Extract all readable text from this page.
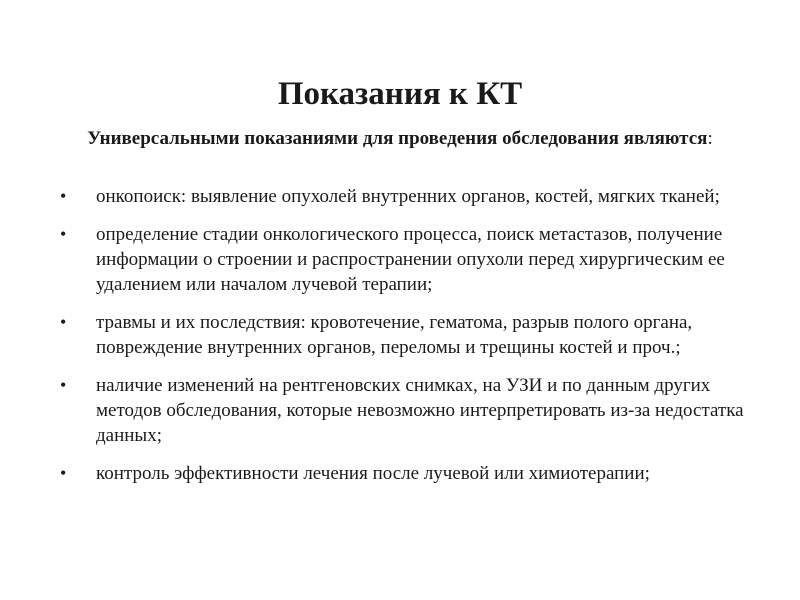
Показания к КТ

Универсальными показаниями для проведения обследования являются:

• онкопоиск: выявление опухолей внутренних органов, костей, мягких тканей;
• определение стадии онкологического процесса, поиск метастазов, получение информации о строении и распространении опухоли перед хирургическим ее удалением или началом лучевой терапии;
• травмы и их последствия: кровотечение, гематома, разрыв полого органа, повреждение внутренних органов, переломы и трещины костей и проч.;
• наличие изменений на рентгеновских снимках, на УЗИ и по данным других методов обследования, которые невозможно интерпретировать из-за недостатка данных;
• контроль эффективности лечения после лучевой или химиотерапии;
